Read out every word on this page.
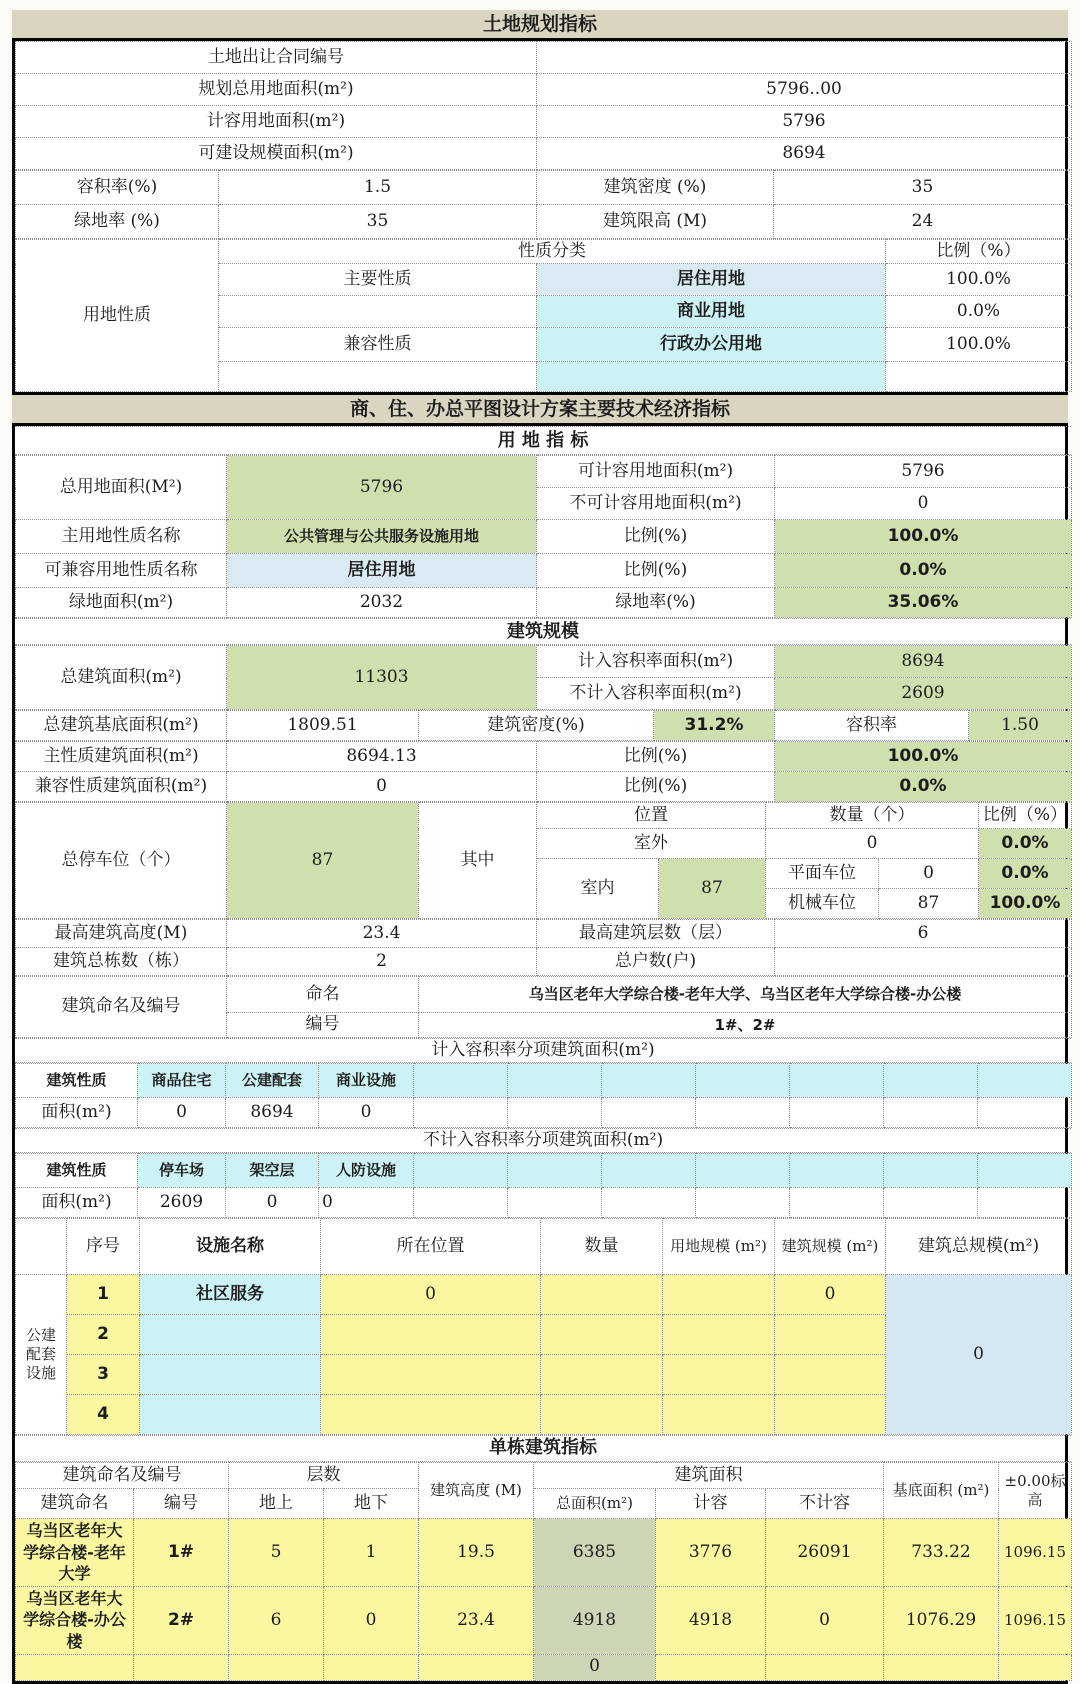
土地规划指标
土地出让合同编号	
规划总用地面积(m²)	5796..00
计容用地面积(m²)	5796
可建设规模面积(m²)	8694
容积率(%)	1.5	建筑密度 (%)	35
绿地率 (%)	35	建筑限高 (M)	24
用地性质	性质分类		比例（%）
	主要性质	居住用地	100.0%
		商业用地	0.0%
	兼容性质	行政办公用地	100.0%

商、住、办总平图设计方案主要技术经济指标
用 地 指 标
总用地面积(M²)	5796	可计容用地面积(m²)	5796
		不可计容用地面积(m²)	0
主用地性质名称	公共管理与公共服务设施用地	比例(%)	100.0%
可兼容用地性质名称	居住用地	比例(%)	0.0%
绿地面积(m²)	2032	绿地率(%)	35.06%
建筑规模
总建筑面积(m²)	11303	计入容积率面积(m²)	8694
		不计入容积率面积(m²)	2609
总建筑基底面积(m²)	1809.51	建筑密度(%)	31.2%	容积率	1.50
主性质建筑面积(m²)	8694.13	比例(%)	100.0%
兼容性质建筑面积(m²)	0	比例(%)	0.0%
总停车位（个）	87	其中	位置		数量（个）		比例（%）
			室外		0		0.0%
			室内	87	平面车位	0	0.0%
					机械车位	87	100.0%
最高建筑高度(M)	23.4	最高建筑层数（层）	6
建筑总栋数（栋）	2	总户数(户)	
建筑命名及编号	命名	乌当区老年大学综合楼-老年大学、乌当区老年大学综合楼-办公楼
	编号	1#、2#
计入容积率分项建筑面积(m²)
建筑性质	商品住宅	公建配套	商业设施							
面积(m²)	0	8694	0							
不计入容积率分项建筑面积(m²)
建筑性质	停车场	架空层	人防设施							
面积(m²)	2609	0	0							
	序号	设施名称	所在位置	数量	用地规模 (m²)	建筑规模 (m²)	建筑总规模(m²)
公建配套设施	1	社区服务	0			0	0
	2						
	3						
	4						
单栋建筑指标
建筑命名及编号		层数		建筑高度 (M)	建筑面积			基底面积 (m²)	±0.00标高
建筑命名	编号	地上	地下		总面积(m²)	计容	不计容		
乌当区老年大学综合楼-老年大学	1#	5	1	19.5	6385	3776	26091	733.22	1096.15
乌当区老年大学综合楼-办公楼	2#	6	0	23.4	4918	4918	0	1076.29	1096.15
					0				
